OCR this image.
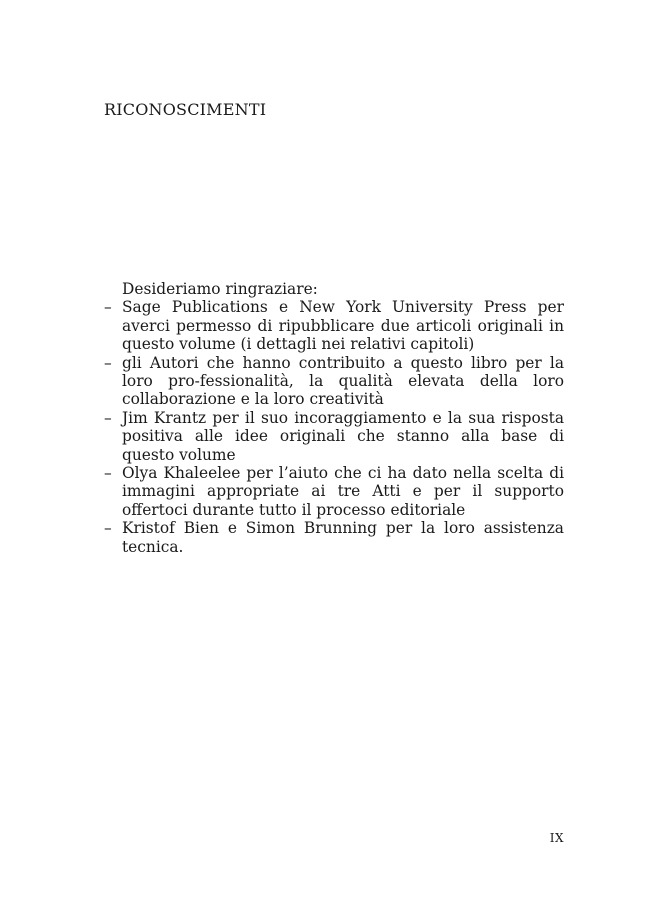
RICONOSCIMENTI

Desideriamo ringraziare:

– Sage Publications e New York University Press per averci permesso di ripubblicare due articoli originali in questo volume (i dettagli nei relativi capitoli)
– gli Autori che hanno contribuito a questo libro per la loro pro-fessionalità, la qualità elevata della loro collaborazione e la loro creatività
– Jim Krantz per il suo incoraggiamento e la sua risposta positiva alle idee originali che stanno alla base di questo volume
– Olya Khaleelee per l’aiuto che ci ha dato nella scelta di immagini appropriate ai tre Atti e per il supporto offertoci durante tutto il processo editoriale
– Kristof Bien e Simon Brunning per la loro assistenza tecnica.
IX
